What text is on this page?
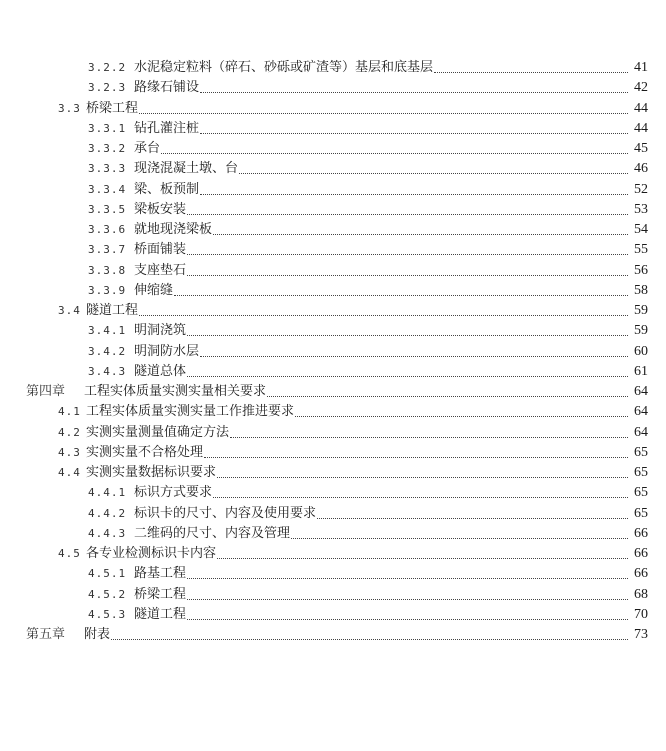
3.2.2 水泥稳定粒料（碎石、砂砾或矿渣等）基层和底基层	41
3.2.3 路缘石铺设	42
3.3 桥梁工程	44
3.3.1 钻孔灌注桩	44
3.3.2 承台	45
3.3.3 现浇混凝土墩、台	46
3.3.4 梁、板预制	52
3.3.5 梁板安装	53
3.3.6 就地现浇梁板	54
3.3.7 桥面铺装	55
3.3.8 支座垫石	56
3.3.9 伸缩缝	58
3.4 隧道工程	59
3.4.1 明洞浇筑	59
3.4.2 明洞防水层	60
3.4.3 隧道总体	61
第四章	工程实体质量实测实量相关要求	64
4.1 工程实体质量实测实量工作推进要求	64
4.2 实测实量测量值确定方法	64
4.3 实测实量不合格处理	65
4.4 实测实量数据标识要求	65
4.4.1 标识方式要求	65
4.4.2 标识卡的尺寸、内容及使用要求	65
4.4.3 二维码的尺寸、内容及管理	66
4.5 各专业检测标识卡内容	66
4.5.1 路基工程	66
4.5.2 桥梁工程	68
4.5.3 隧道工程	70
第五章	附表	73
